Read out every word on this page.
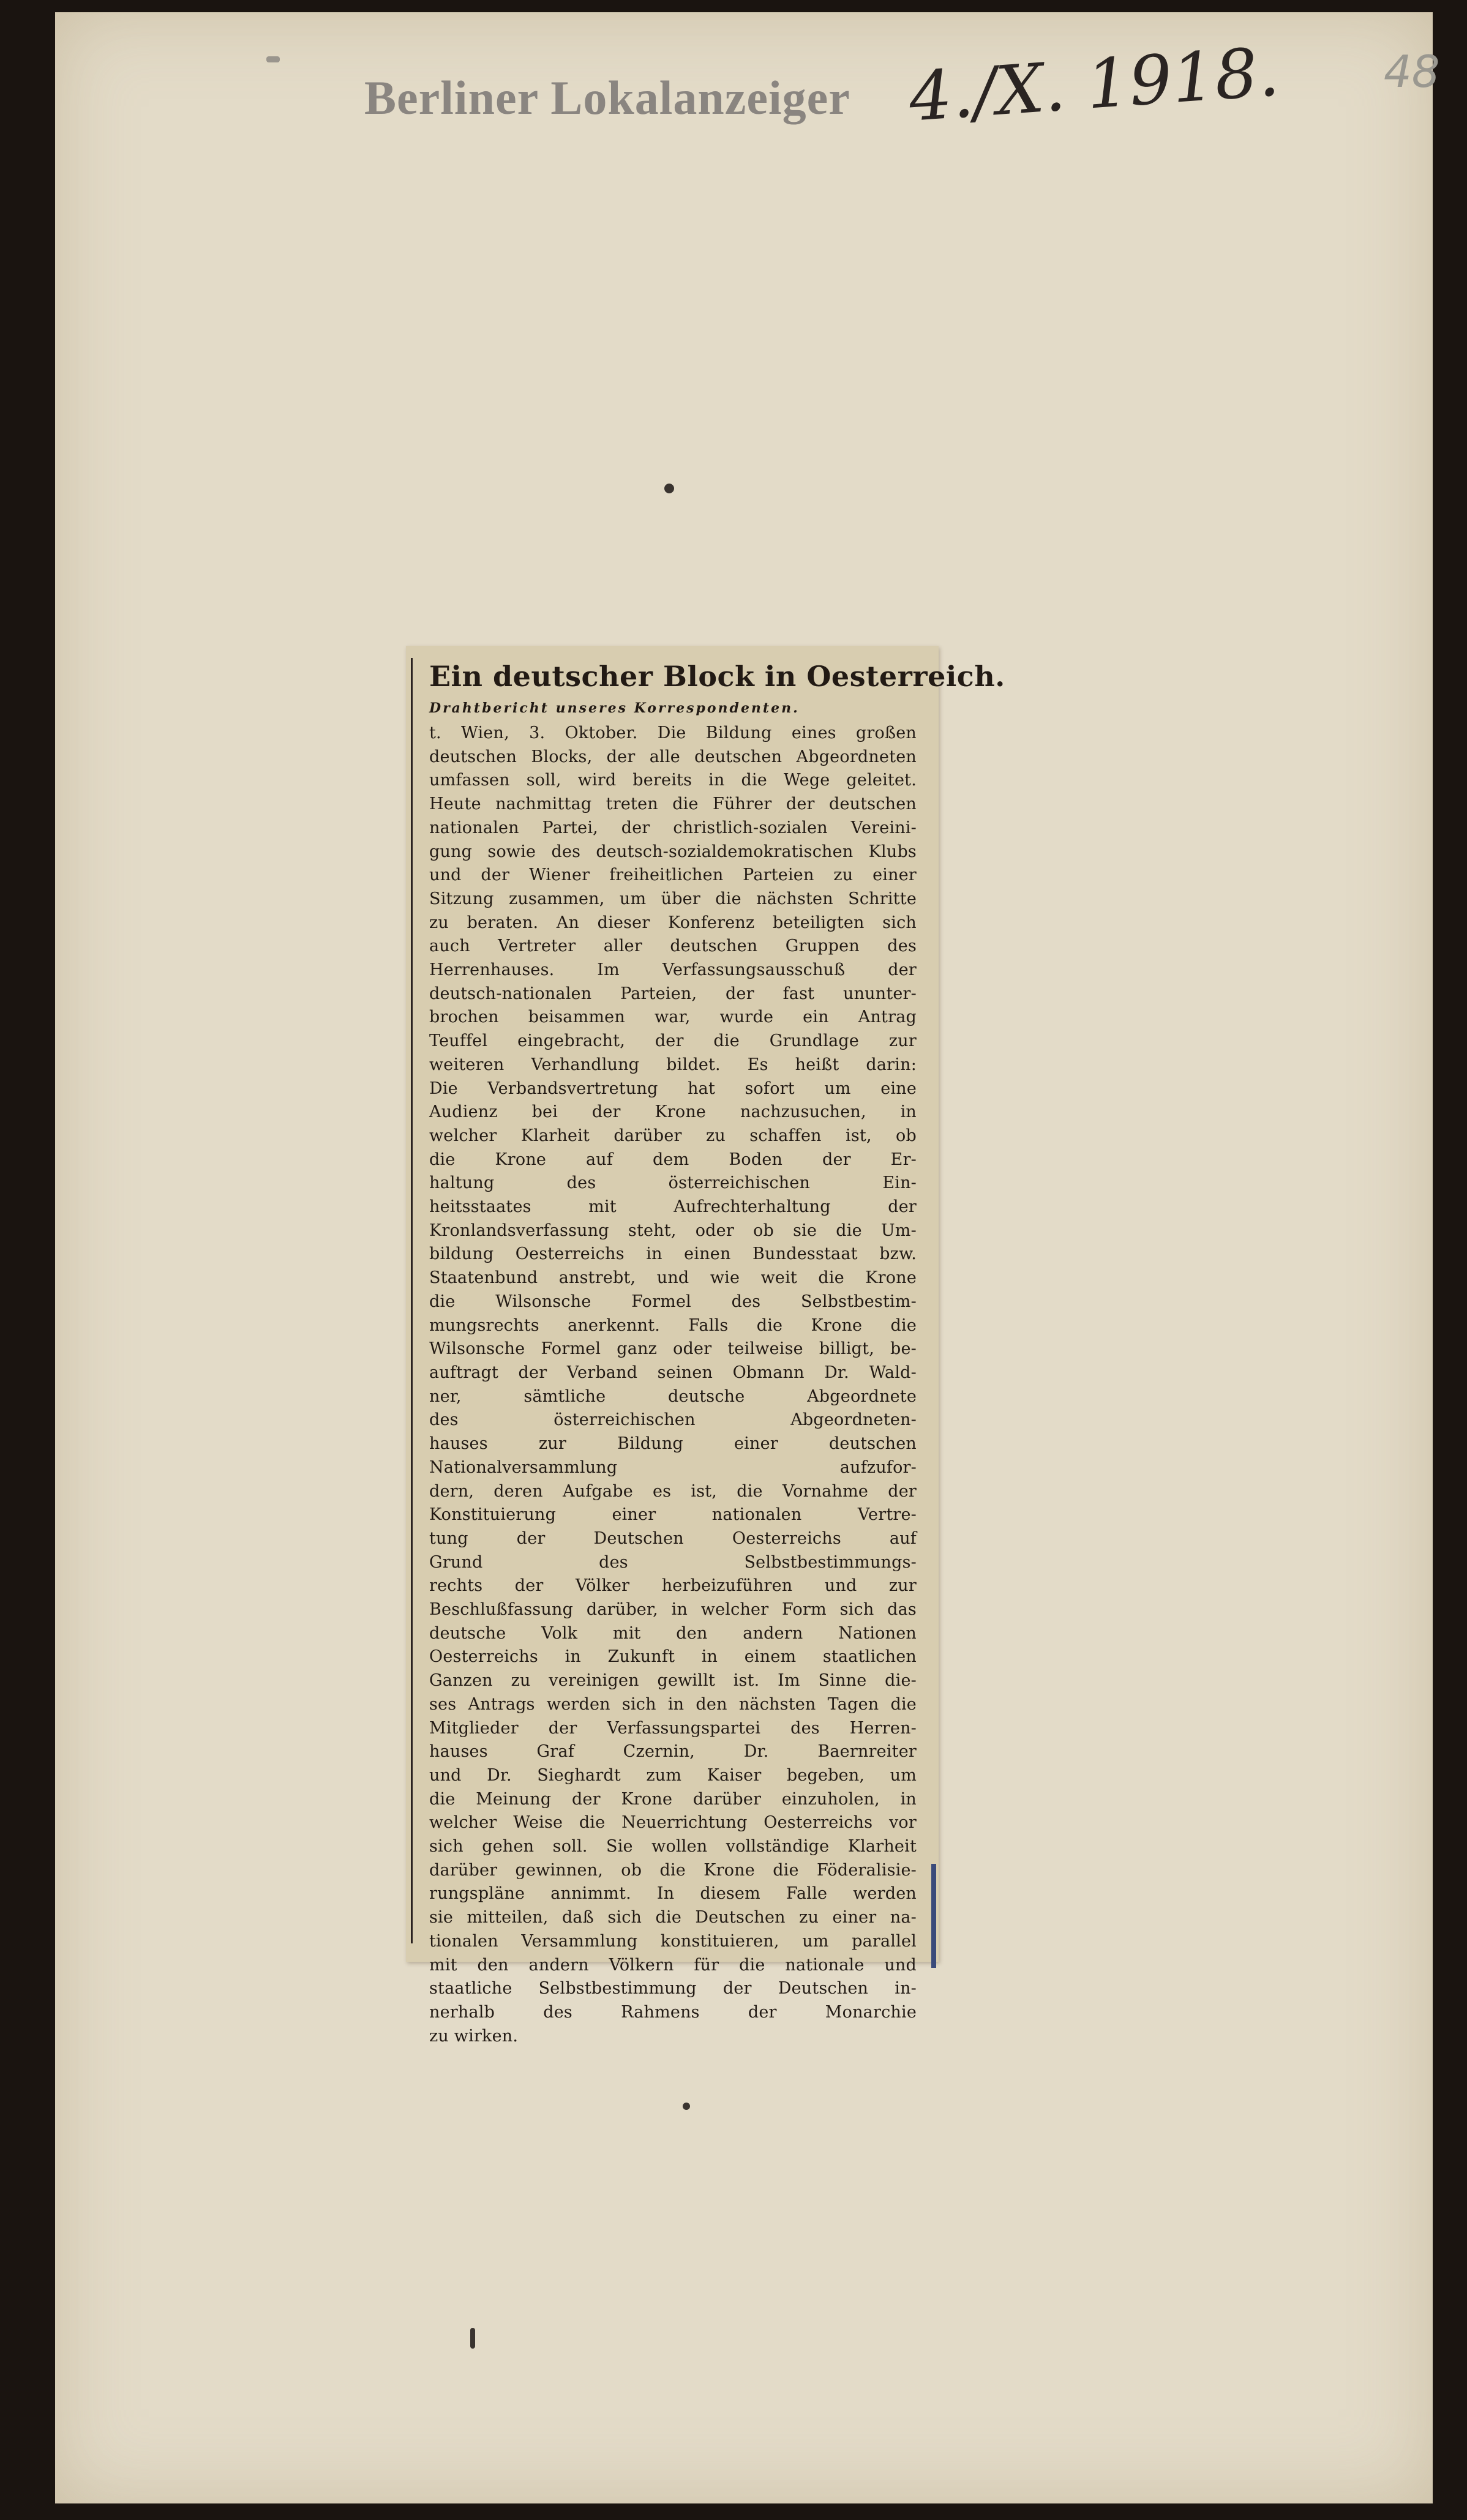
Berliner Lokalanzeiger 4./X. 1918. 48
Ein deutscher Block in Oesterreich.
Drahtbericht unseres Korrespondenten.
t. Wien, 3. Oktober. Die Bildung eines großen
deutschen Blocks, der alle deutschen Abgeordneten
umfassen soll, wird bereits in die Wege geleitet.
Heute nachmittag treten die Führer der deutschen
nationalen Partei, der christlich-sozialen Vereini-
gung sowie des deutsch-sozialdemokratischen Klubs
und der Wiener freiheitlichen Parteien zu einer
Sitzung zusammen, um über die nächsten Schritte
zu beraten. An dieser Konferenz beteiligten sich
auch Vertreter aller deutschen Gruppen des
Herrenhauses. Im Verfassungsausschuß der
deutsch-nationalen Parteien, der fast ununter-
brochen beisammen war, wurde ein Antrag
Teuffel eingebracht, der die Grundlage zur
weiteren Verhandlung bildet. Es heißt darin:
Die Verbandsvertretung hat sofort um eine
Audienz bei der Krone nachzusuchen, in
welcher Klarheit darüber zu schaffen ist, ob
die Krone auf dem Boden der Er-
haltung des österreichischen Ein-
heitsstaates mit Aufrechterhaltung der
Kronlandsverfassung steht, oder ob sie die Um-
bildung Oesterreichs in einen Bundesstaat bzw.
Staatenbund anstrebt, und wie weit die Krone
die Wilsonsche Formel des Selbstbestim-
mungsrechts anerkennt. Falls die Krone die
Wilsonsche Formel ganz oder teilweise billigt, be-
auftragt der Verband seinen Obmann Dr. Wald-
ner, sämtliche deutsche Abgeordnete
des österreichischen Abgeordneten-
hauses zur Bildung einer deutschen
Nationalversammlung aufzufor-
dern, deren Aufgabe es ist, die Vornahme der
Konstituierung einer nationalen Vertre-
tung der Deutschen Oesterreichs auf
Grund des Selbstbestimmungs-
rechts der Völker herbeizuführen und zur
Beschlußfassung darüber, in welcher Form sich das
deutsche Volk mit den andern Nationen
Oesterreichs in Zukunft in einem staatlichen
Ganzen zu vereinigen gewillt ist. Im Sinne die-
ses Antrags werden sich in den nächsten Tagen die
Mitglieder der Verfassungspartei des Herren-
hauses Graf Czernin, Dr. Baernreiter
und Dr. Sieghardt zum Kaiser begeben, um
die Meinung der Krone darüber einzuholen, in
welcher Weise die Neuerrichtung Oesterreichs vor
sich gehen soll. Sie wollen vollständige Klarheit
darüber gewinnen, ob die Krone die Föderalisie-
rungspläne annimmt. In diesem Falle werden
sie mitteilen, daß sich die Deutschen zu einer na-
tionalen Versammlung konstituieren, um parallel
mit den andern Völkern für die nationale und
staatliche Selbstbestimmung der Deutschen in-
nerhalb des Rahmens der Monarchie
zu wirken.
